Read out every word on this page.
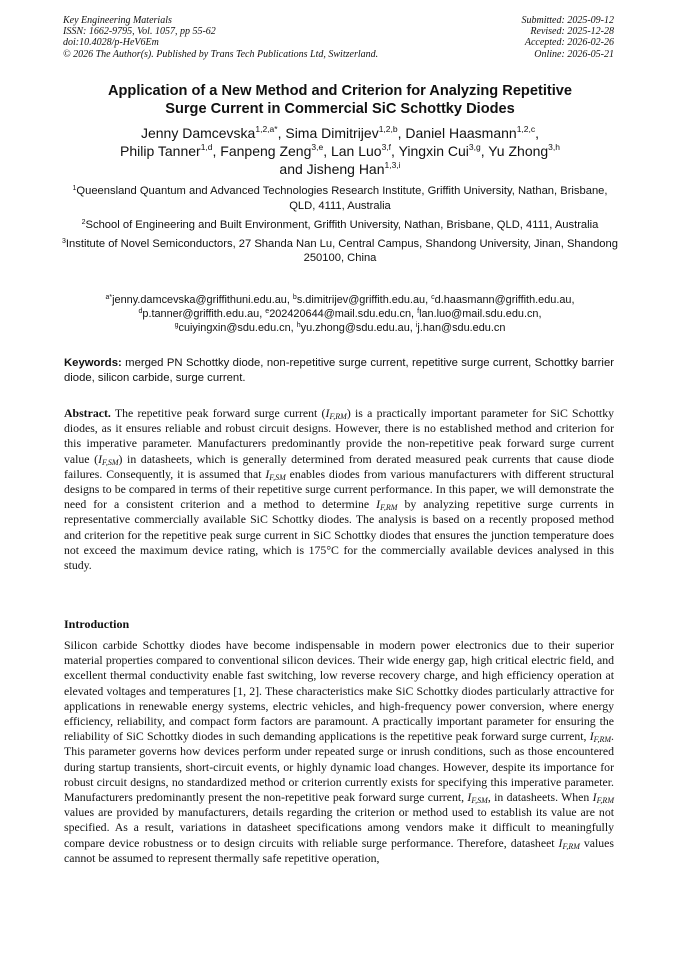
Key Engineering Materials
ISSN: 1662-9795, Vol. 1057, pp 55-62
doi:10.4028/p-HeV6Em
© 2026 The Author(s). Published by Trans Tech Publications Ltd, Switzerland.
Submitted: 2025-09-12
Revised: 2025-12-28
Accepted: 2026-02-26
Online: 2026-05-21
Application of a New Method and Criterion for Analyzing Repetitive
Surge Current in Commercial SiC Schottky Diodes
Jenny Damcevska$^{1,2,a*}$, Sima Dimitrijev$^{1,2,b}$, Daniel Haasmann$^{1,2,c}$,
Philip Tanner$^{1,d}$, Fanpeng Zeng$^{3,e}$, Lan Luo$^{3,f}$, Yingxin Cui$^{3,g}$, Yu Zhong$^{3,h}$
and Jisheng Han$^{1,3,i}$

$^1$Queensland Quantum and Advanced Technologies Research Institute, Griffith University, Nathan, Brisbane, QLD, 4111, Australia

$^2$School of Engineering and Built Environment, Griffith University, Nathan, Brisbane, QLD, 4111, Australia

$^3$Institute of Novel Semiconductors, 27 Shanda Nan Lu, Central Campus, Shandong University, Jinan, Shandong 250100, China

$^{a*}$jenny.damcevska@griffithuni.edu.au, $^b$s.dimitrijev@griffith.edu.au, $^c$d.haasmann@griffith.edu.au,
$^d$p.tanner@griffith.edu.au, $^e$202420644@mail.sdu.edu.cn, $^f$lan.luo@mail.sdu.edu.cn,
$^g$cuiyingxin@sdu.edu.cn, $^h$yu.zhong@sdu.edu.au, $^i$j.han@sdu.edu.cn
Keywords: merged PN Schottky diode, non-repetitive surge current, repetitive surge current, Schottky barrier diode, silicon carbide, surge current.
Abstract. The repetitive peak forward surge current $(I_{F,RM})$ is a practically important parameter for SiC Schottky diodes, as it ensures reliable and robust circuit designs. However, there is no established method and criterion for this imperative parameter. Manufacturers predominantly provide the non-repetitive peak forward surge current value $(I_{F,SM})$ in datasheets, which is generally determined from derated measured peak currents that cause diode failures. Consequently, it is assumed that $I_{F,SM}$ enables diodes from various manufacturers with different structural designs to be compared in terms of their repetitive surge current performance. In this paper, we will demonstrate the need for a consistent criterion and a method to determine $I_{F,RM}$ by analyzing repetitive surge currents in representative commercially available SiC Schottky diodes. The analysis is based on a recently proposed method and criterion for the repetitive peak surge current in SiC Schottky diodes that ensures the junction temperature does not exceed the maximum device rating, which is 175°C for the commercially available devices analysed in this study.
Introduction
Silicon carbide Schottky diodes have become indispensable in modern power electronics due to their superior material properties compared to conventional silicon devices. Their wide energy gap, high critical electric field, and excellent thermal conductivity enable fast switching, low reverse recovery charge, and high efficiency operation at elevated voltages and temperatures [1, 2]. These characteristics make SiC Schottky diodes particularly attractive for applications in renewable energy systems, electric vehicles, and high-frequency power conversion, where energy efficiency, reliability, and compact form factors are paramount. A practically important parameter for ensuring the reliability of SiC Schottky diodes in such demanding applications is the repetitive peak forward surge current, $I_{F,RM}$. This parameter governs how devices perform under repeated surge or inrush conditions, such as those encountered during startup transients, short-circuit events, or highly dynamic load changes. However, despite its importance for robust circuit designs, no standardized method or criterion currently exists for specifying this imperative parameter. Manufacturers predominantly present the non-repetitive peak forward surge current, $I_{F,SM}$, in datasheets. When $I_{F,RM}$ values are provided by manufacturers, details regarding the criterion or method used to establish its value are not specified. As a result, variations in datasheet specifications among vendors make it difficult to meaningfully compare device robustness or to design circuits with reliable surge performance. Therefore, datasheet $I_{F,RM}$ values cannot be assumed to represent thermally safe repetitive operation,
